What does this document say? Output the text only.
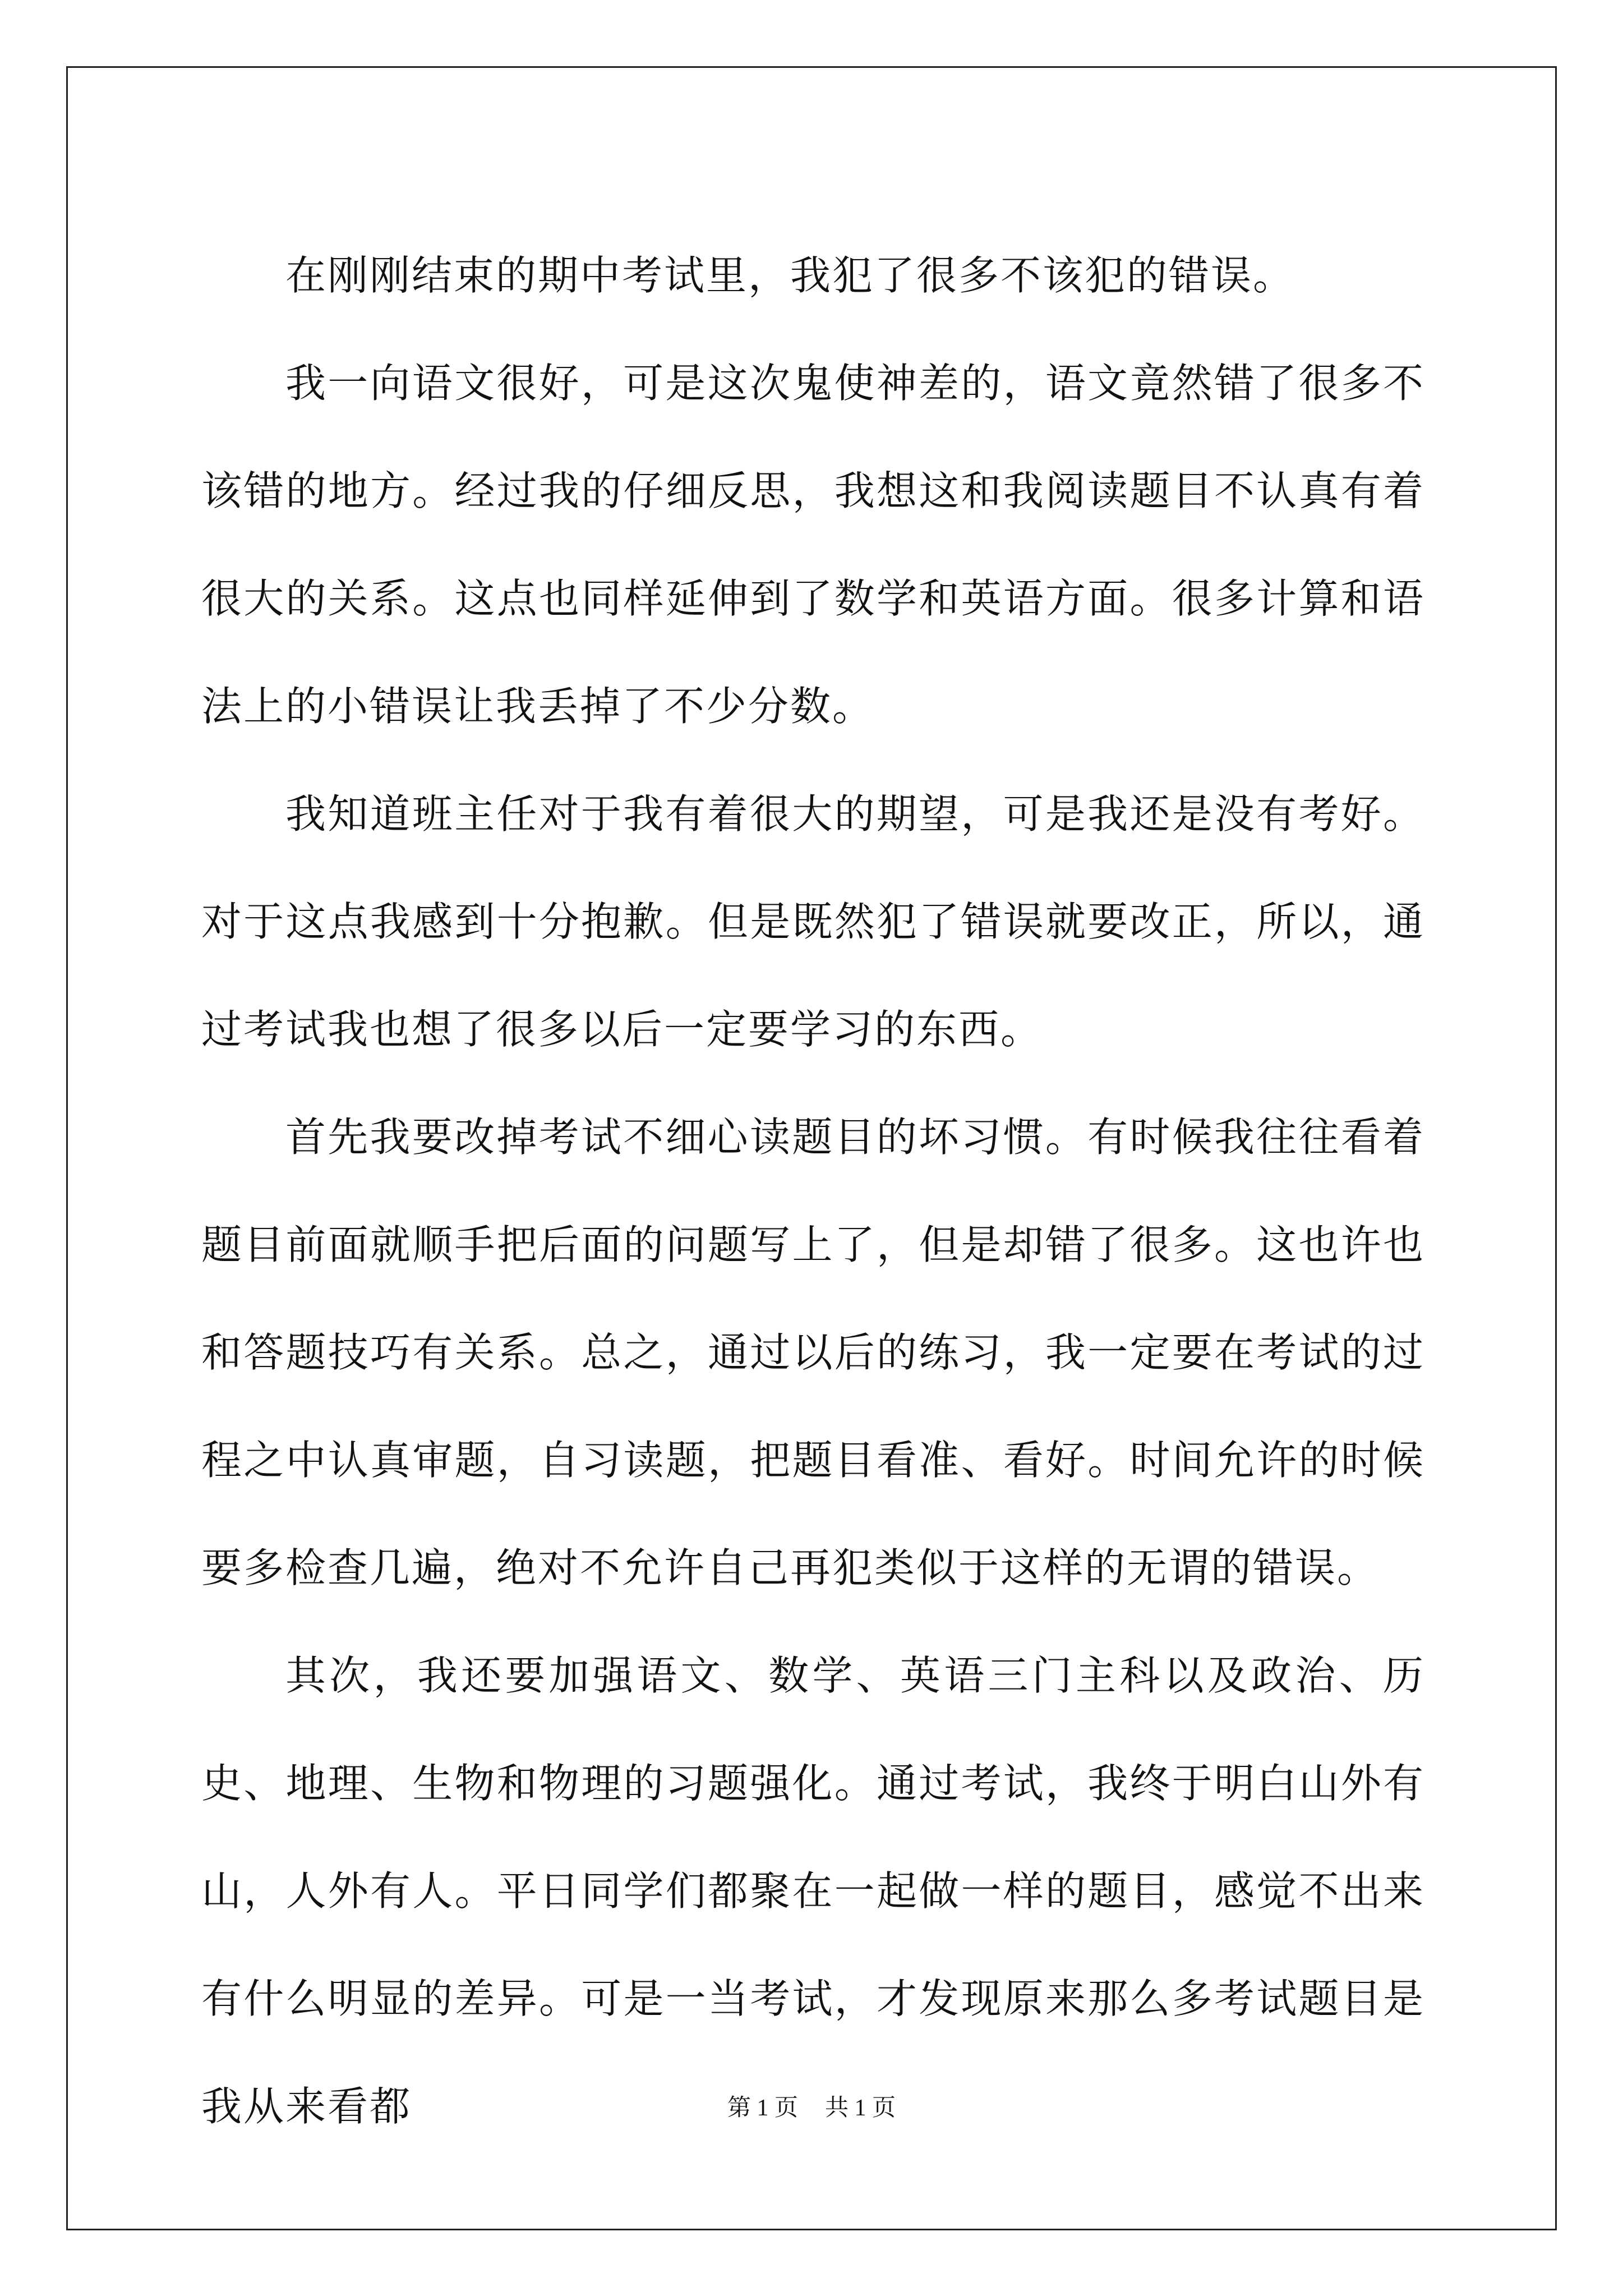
在刚刚结束的期中考试里，我犯了很多不该犯的错误。

我一向语文很好，可是这次鬼使神差的，语文竟然错了很多不该错的地方。经过我的仔细反思，我想这和我阅读题目不认真有着很大的关系。这点也同样延伸到了数学和英语方面。很多计算和语法上的小错误让我丢掉了不少分数。

我知道班主任对于我有着很大的期望，可是我还是没有考好。对于这点我感到十分抱歉。但是既然犯了错误就要改正，所以，通过考试我也想了很多以后一定要学习的东西。

首先我要改掉考试不细心读题目的坏习惯。有时候我往往看着题目前面就顺手把后面的问题写上了，但是却错了很多。这也许也和答题技巧有关系。总之，通过以后的练习，我一定要在考试的过程之中认真审题，自习读题，把题目看准、看好。时间允许的时候要多检查几遍，绝对不允许自己再犯类似于这样的无谓的错误。

其次，我还要加强语文、数学、英语三门主科以及政治、历史、地理、生物和物理的习题强化。通过考试，我终于明白山外有山，人外有人。平日同学们都聚在一起做一样的题目，感觉不出来有什么明显的差异。可是一当考试，才发现原来那么多考试题目是我从来看都	第 1 页 共 1 页
